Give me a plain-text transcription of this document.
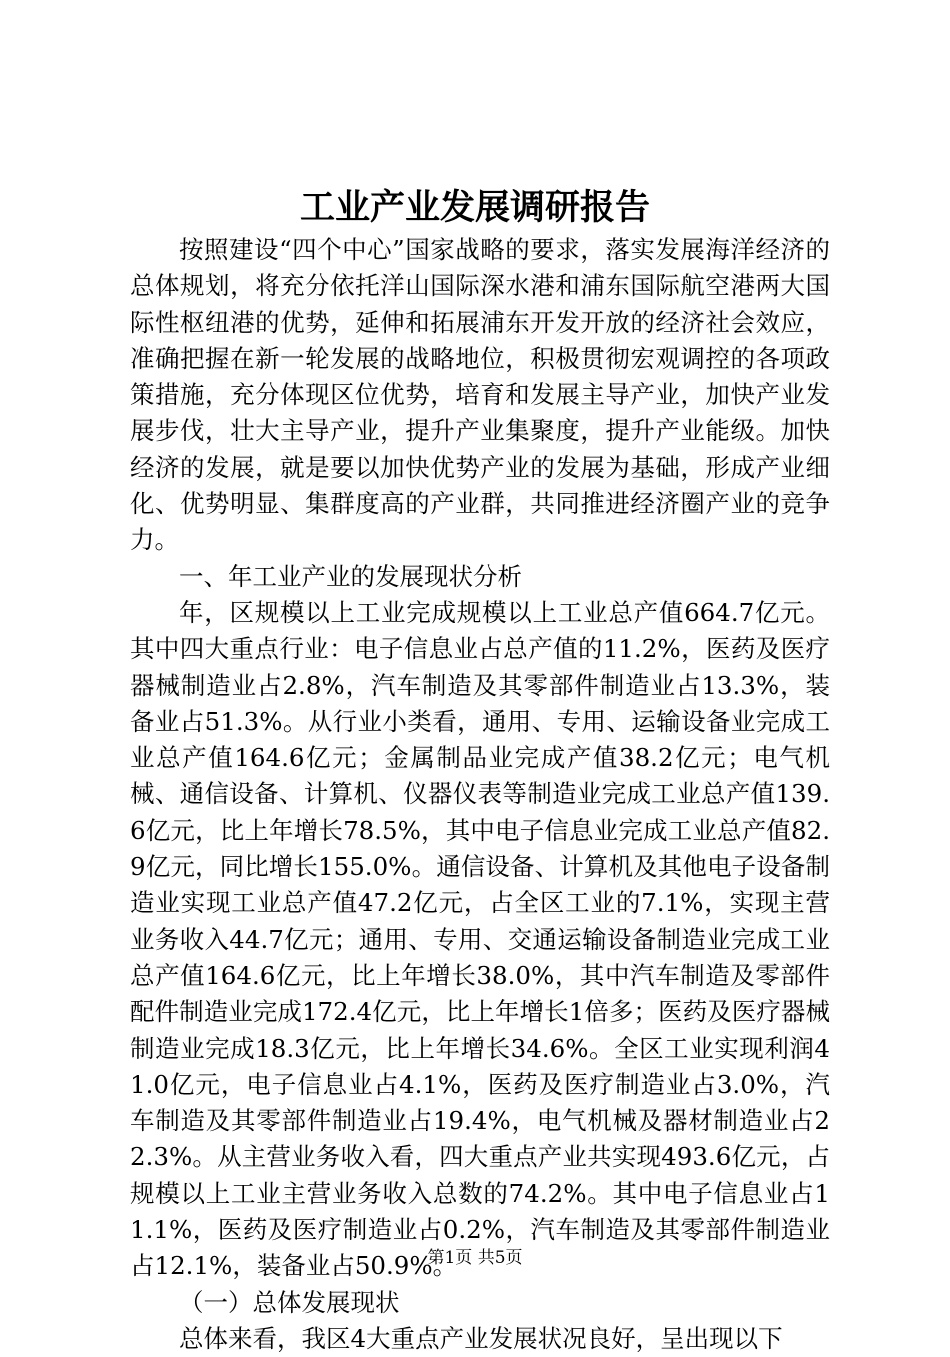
工业产业发展调研报告

按照建设“四个中心”国家战略的要求，落实发展海洋经济的总体规划，将充分依托洋山国际深水港和浦东国际航空港两大国际性枢纽港的优势，延伸和拓展浦东开发开放的经济社会效应，准确把握在新一轮发展的战略地位，积极贯彻宏观调控的各项政策措施，充分体现区位优势，培育和发展主导产业，加快产业发展步伐，壮大主导产业，提升产业集聚度，提升产业能级。加快经济的发展，就是要以加快优势产业的发展为基础，形成产业细化、优势明显、集群度高的产业群，共同推进经济圈产业的竞争力。

一、年工业产业的发展现状分析

年，区规模以上工业完成规模以上工业总产值664.7亿元。其中四大重点行业：电子信息业占总产值的11.2%，医药及医疗器械制造业占2.8%，汽车制造及其零部件制造业占13.3%，装备业占51.3%。从行业小类看，通用、专用、运输设备业完成工业总产值164.6亿元；金属制品业完成产值38.2亿元；电气机械、通信设备、计算机、仪器仪表等制造业完成工业总产值139.6亿元，比上年增长78.5%，其中电子信息业完成工业总产值82.9亿元，同比增长155.0%。通信设备、计算机及其他电子设备制造业实现工业总产值47.2亿元，占全区工业的7.1%，实现主营业务收入44.7亿元；通用、专用、交通运输设备制造业完成工业总产值164.6亿元，比上年增长38.0%，其中汽车制造及零部件配件制造业完成172.4亿元，比上年增长1倍多；医药及医疗器械制造业完成18.3亿元，比上年增长34.6%。全区工业实现利润41.0亿元，电子信息业占4.1%，医药及医疗制造业占3.0%，汽车制造及其零部件制造业占19.4%，电气机械及器材制造业占22.3%。从主营业务收入看，四大重点产业共实现493.6亿元，占规模以上工业主营业务收入总数的74.2%。其中电子信息业占11.1%，医药及医疗制造业占0.2%，汽车制造及其零部件制造业占12.1%，装备业占50.9%。

（一）总体发展现状

总体来看，我区4大重点产业发展状况良好，呈出现以下

第1页 共5页
